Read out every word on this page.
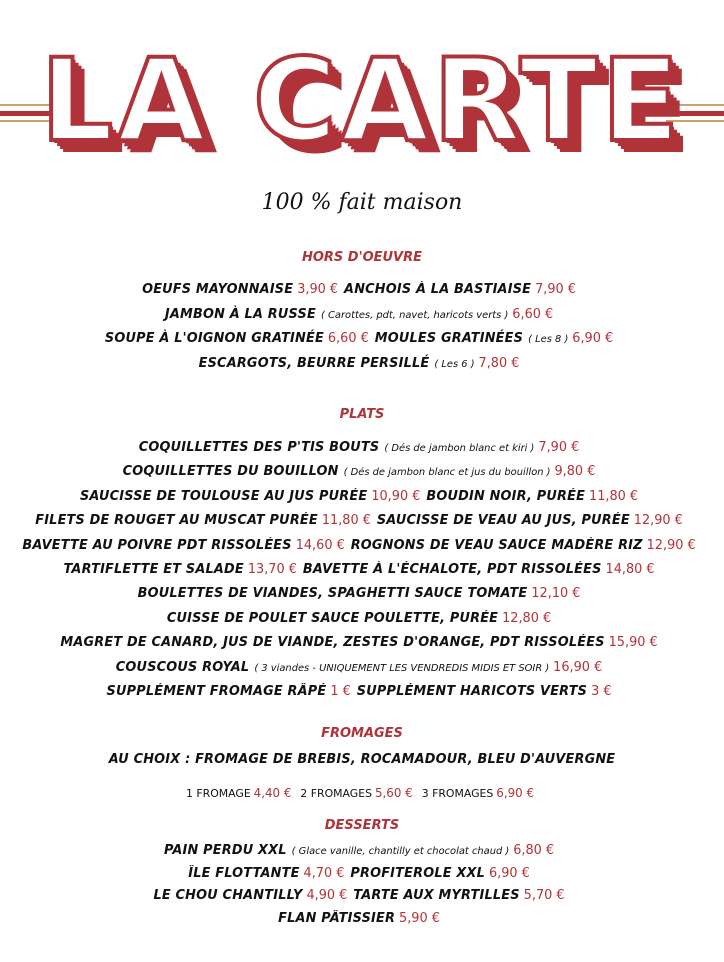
LA CARTE
100 % fait maison
HORS D'OEUVRE
OEUFS MAYONNAISE 3,90 € ANCHOIS À LA BASTIAISE 7,90 €
JAMBON À LA RUSSE ( Carottes, pdt, navet, haricots verts ) 6,60 €
SOUPE À L'OIGNON GRATINÉE 6,60 € MOULES GRATINÉES ( Les 8 ) 6,90 €
ESCARGOTS, BEURRE PERSILLÉ ( Les 6 ) 7,80 €
PLATS
COQUILLETTES DES P'TIS BOUTS ( Dés de jambon blanc et kiri ) 7,90 €
COQUILLETTES DU BOUILLON ( Dés de jambon blanc et jus du bouillon ) 9,80 €
SAUCISSE DE TOULOUSE AU JUS PURÉE 10,90 € BOUDIN NOIR, PURÉE 11,80 €
FILETS DE ROUGET AU MUSCAT PURÉE 11,80 € SAUCISSE DE VEAU AU JUS, PURÉE 12,90 €
BAVETTE AU POIVRE PDT RISSOLÉES 14,60 € ROGNONS DE VEAU SAUCE MADÈRE RIZ 12,90 €
TARTIFLETTE ET SALADE 13,70 € BAVETTE À L'ÉCHALOTE, PDT RISSOLÉES 14,80 €
BOULETTES DE VIANDES, SPAGHETTI SAUCE TOMATE 12,10 €
CUISSE DE POULET SAUCE POULETTE, PURÉE 12,80 €
MAGRET DE CANARD, JUS DE VIANDE, ZESTES D'ORANGE, PDT RISSOLÉES 15,90 €
COUSCOUS ROYAL ( 3 viandes - UNIQUEMENT LES VENDREDIS MIDIS ET SOIR ) 16,90 €
SUPPLÉMENT FROMAGE RÂPÉ 1 € SUPPLÉMENT HARICOTS VERTS 3 €
FROMAGES
AU CHOIX : FROMAGE DE BREBIS, ROCAMADOUR, BLEU D'AUVERGNE
1 FROMAGE 4,40 € 2 FROMAGES 5,60 € 3 FROMAGES 6,90 €
DESSERTS
PAIN PERDU XXL ( Glace vanille, chantilly et chocolat chaud ) 6,80 €
ÎLE FLOTTANTE 4,70 € PROFITEROLE XXL 6,90 €
LE CHOU CHANTILLY 4,90 € TARTE AUX MYRTILLES 5,70 €
FLAN PÂTISSIER 5,90 €
